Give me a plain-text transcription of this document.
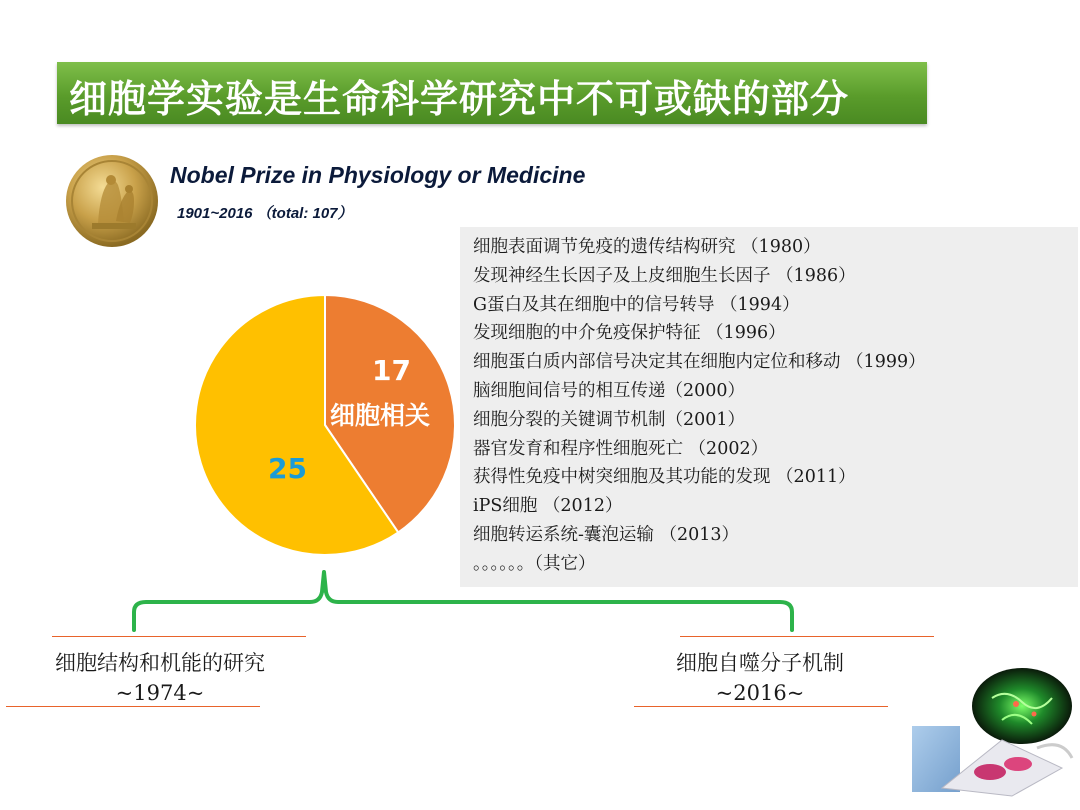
细胞学实验是生命科学研究中不可或缺的部分
Nobel Prize in Physiology or Medicine
1901~2016 （total: 107）
17
细胞相关
25
细胞表面调节免疫的遗传结构研究 （1980）
发现神经生长因子及上皮细胞生长因子 （1986）
G蛋白及其在细胞中的信号转导 （1994）
发现细胞的中介免疫保护特征 （1996）
细胞蛋白质内部信号决定其在细胞内定位和移动 （1999）
脑细胞间信号的相互传递（2000）
细胞分裂的关键调节机制（2001）
器官发育和程序性细胞死亡 （2002）
获得性免疫中树突细胞及其功能的发现 （2011）
iPS细胞 （2012）
细胞转运系统-囊泡运输 （2013）
。。。。。。（其它）
细胞结构和机能的研究
~1974~
细胞自噬分子机制
~2016~
